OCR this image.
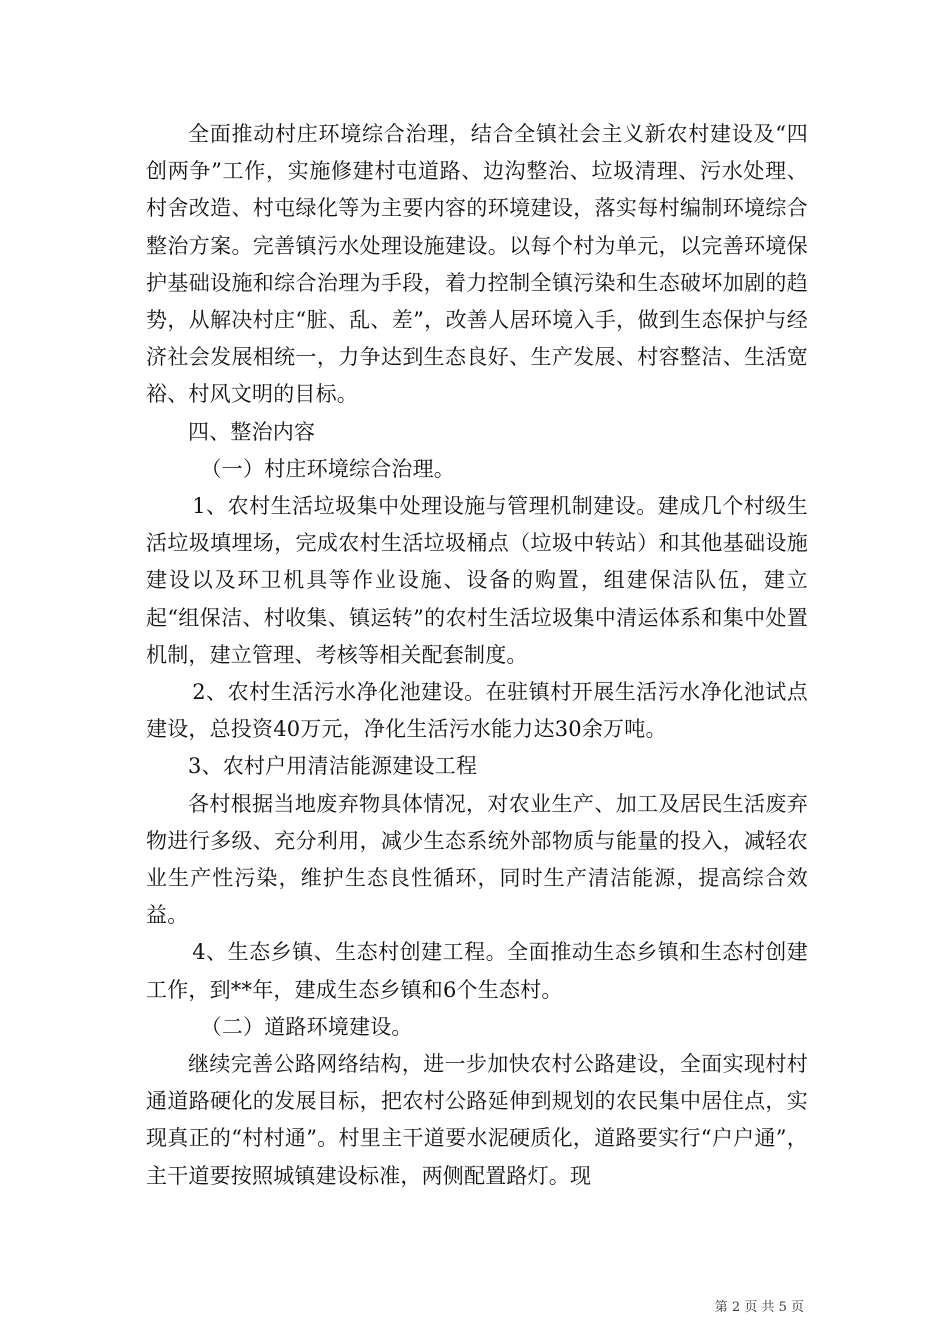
全面推动村庄环境综合治理，结合全镇社会主义新农村建设及“四创两争”工作，实施修建村屯道路、边沟整治、垃圾清理、污水处理、村舍改造、村屯绿化等为主要内容的环境建设，落实每村编制环境综合整治方案。完善镇污水处理设施建设。以每个村为单元，以完善环境保护基础设施和综合治理为手段，着力控制全镇污染和生态破坏加剧的趋势，从解决村庄“脏、乱、差”，改善人居环境入手，做到生态保护与经济社会发展相统一，力争达到生态良好、生产发展、村容整洁、生活宽裕、村风文明的目标。

四、整治内容

（一）村庄环境综合治理。

1、农村生活垃圾集中处理设施与管理机制建设。建成几个村级生活垃圾填埋场，完成农村生活垃圾桶点（垃圾中转站）和其他基础设施建设以及环卫机具等作业设施、设备的购置，组建保洁队伍，建立起“组保洁、村收集、镇运转”的农村生活垃圾集中清运体系和集中处置机制，建立管理、考核等相关配套制度。

2、农村生活污水净化池建设。在驻镇村开展生活污水净化池试点建设，总投资40万元，净化生活污水能力达30余万吨。

3、农村户用清洁能源建设工程

各村根据当地废弃物具体情况，对农业生产、加工及居民生活废弃物进行多级、充分利用，减少生态系统外部物质与能量的投入，减轻农业生产性污染，维护生态良性循环，同时生产清洁能源，提高综合效益。

4、生态乡镇、生态村创建工程。全面推动生态乡镇和生态村创建工作，到**年，建成生态乡镇和6个生态村。

（二）道路环境建设。

继续完善公路网络结构，进一步加快农村公路建设，全面实现村村通道路硬化的发展目标，把农村公路延伸到规划的农民集中居住点，实现真正的“村村通”。村里主干道要水泥硬质化，道路要实行“户户通”，主干道要按照城镇建设标准，两侧配置路灯。现

第 2 页 共 5 页
